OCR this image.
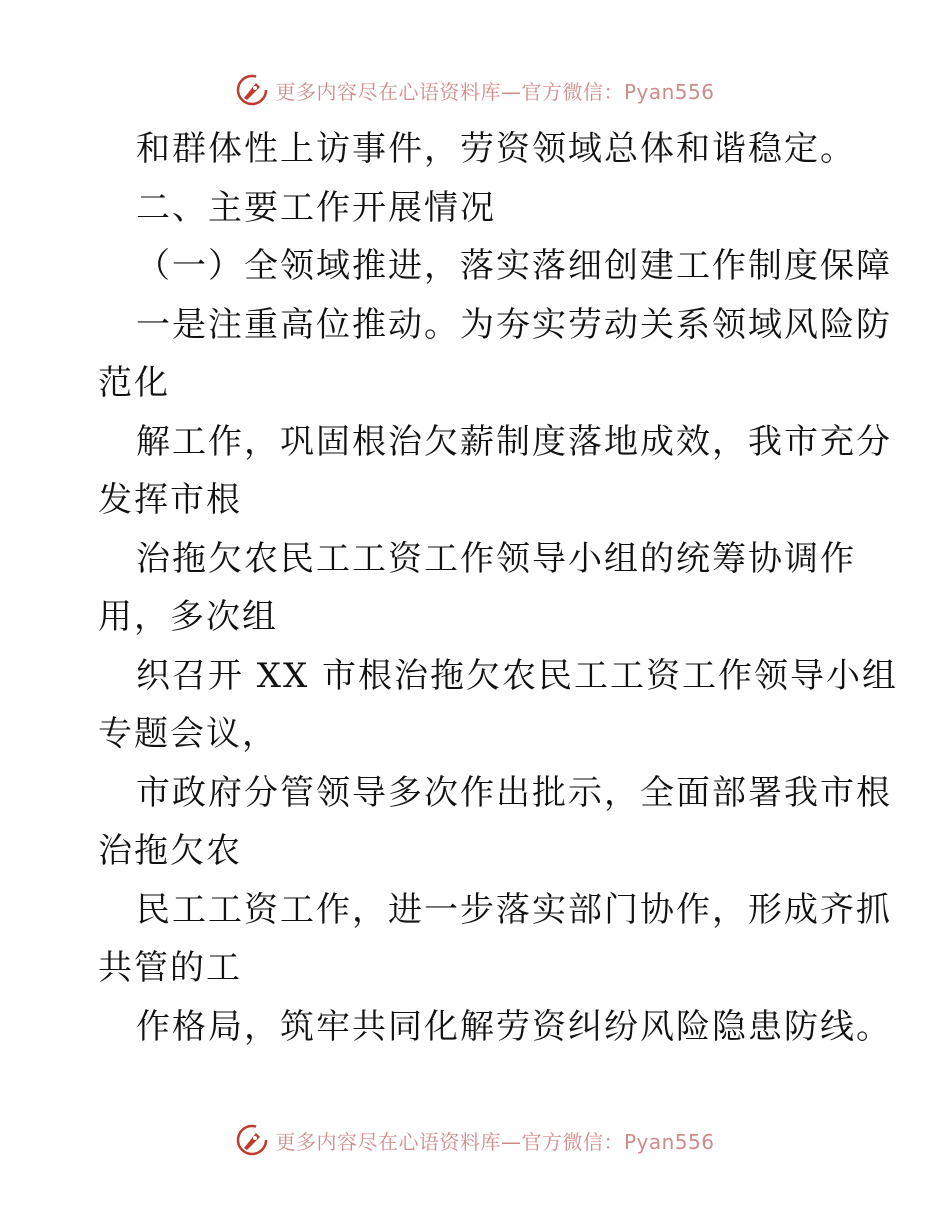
更多内容尽在心语资料库—官方微信：Pyan556
和群体性上访事件，劳资领域总体和谐稳定。
二、主要工作开展情况
（一）全领域推进，落实落细创建工作制度保障
一是注重高位推动。为夯实劳动关系领域风险防
范化
解工作，巩固根治欠薪制度落地成效，我市充分
发挥市根
治拖欠农民工工资工作领导小组的统筹协调作
用，多次组
织召开 XX 市根治拖欠农民工工资工作领导小组
专题会议，
市政府分管领导多次作出批示，全面部署我市根
治拖欠农
民工工资工作，进一步落实部门协作，形成齐抓
共管的工
作格局，筑牢共同化解劳资纠纷风险隐患防线。
更多内容尽在心语资料库—官方微信：Pyan556
